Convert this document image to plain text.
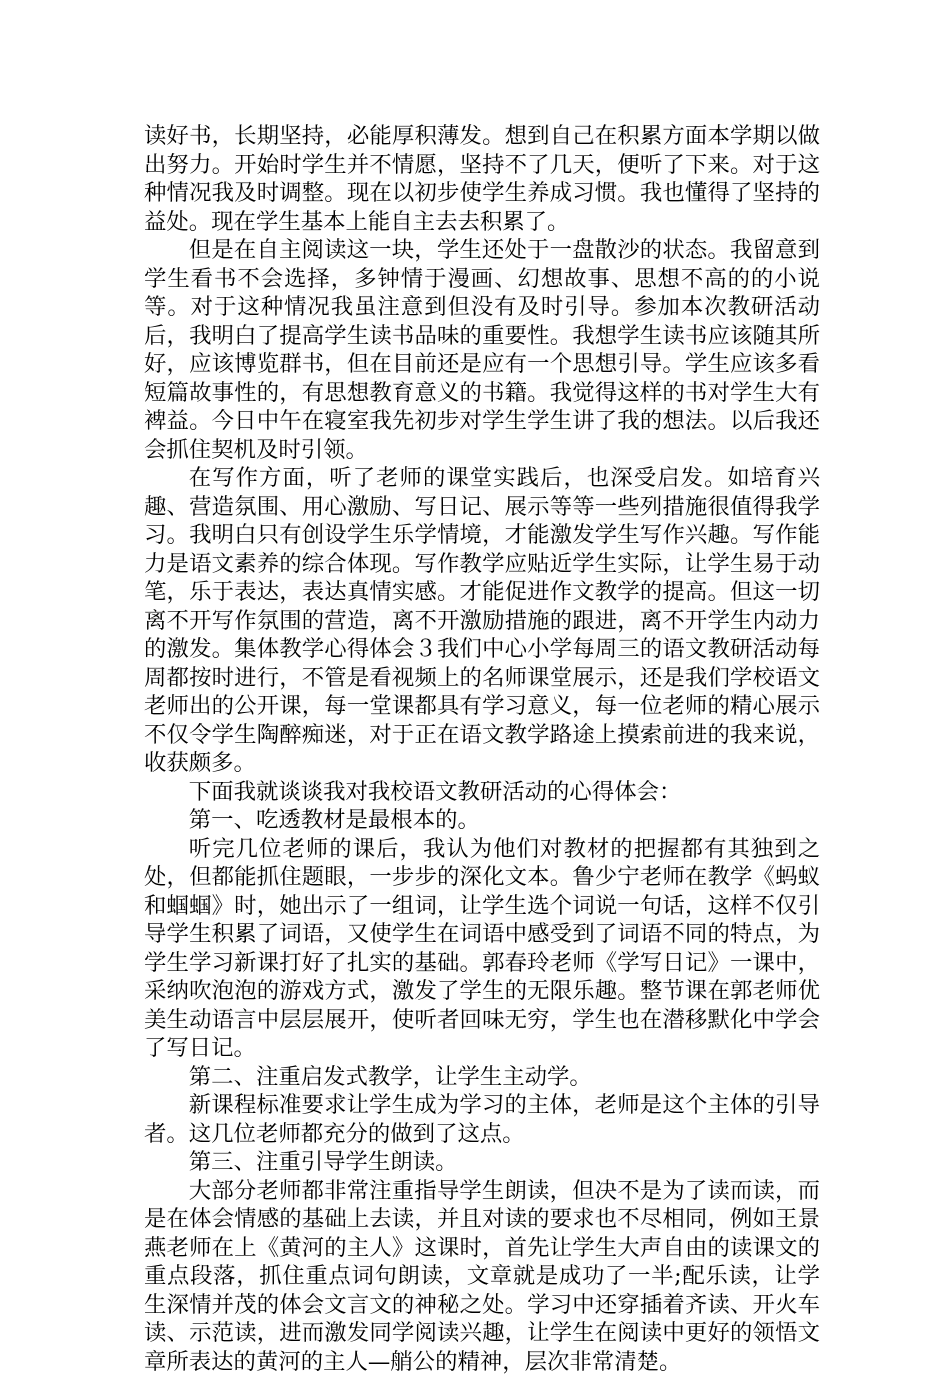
读好书，长期坚持，必能厚积薄发。想到自己在积累方面本学期以做出努力。开始时学生并不情愿，坚持不了几天，便听了下来。对于这种情况我及时调整。现在以初步使学生养成习惯。我也懂得了坚持的益处。现在学生基本上能自主去去积累了。

但是在自主阅读这一块，学生还处于一盘散沙的状态。我留意到学生看书不会选择，多钟情于漫画、幻想故事、思想不高的的小说等。对于这种情况我虽注意到但没有及时引导。参加本次教研活动后，我明白了提高学生读书品味的重要性。我想学生读书应该随其所好，应该博览群书，但在目前还是应有一个思想引导。学生应该多看短篇故事性的，有思想教育意义的书籍。我觉得这样的书对学生大有裨益。今日中午在寝室我先初步对学生学生讲了我的想法。以后我还会抓住契机及时引领。

在写作方面，听了老师的课堂实践后，也深受启发。如培育兴趣、营造氛围、用心激励、写日记、展示等等一些列措施很值得我学习。我明白只有创设学生乐学情境，才能激发学生写作兴趣。写作能力是语文素养的综合体现。写作教学应贴近学生实际，让学生易于动笔，乐于表达，表达真情实感。才能促进作文教学的提高。但这一切离不开写作氛围的营造，离不开激励措施的跟进，离不开学生内动力的激发。集体教学心得体会３我们中心小学每周三的语文教研活动每周都按时进行，不管是看视频上的名师课堂展示，还是我们学校语文老师出的公开课，每一堂课都具有学习意义，每一位老师的精心展示不仅令学生陶醉痴迷，对于正在语文教学路途上摸索前进的我来说，收获颇多。

下面我就谈谈我对我校语文教研活动的心得体会：

第一、吃透教材是最根本的。

听完几位老师的课后，我认为他们对教材的把握都有其独到之处，但都能抓住题眼，一步步的深化文本。鲁少宁老师在教学《蚂蚁和蝈蝈》时，她出示了一组词，让学生选个词说一句话，这样不仅引导学生积累了词语，又使学生在词语中感受到了词语不同的特点，为学生学习新课打好了扎实的基础。郭春玲老师《学写日记》一课中，采纳吹泡泡的游戏方式，激发了学生的无限乐趣。整节课在郭老师优美生动语言中层层展开，使听者回味无穷，学生也在潜移默化中学会了写日记。

第二、注重启发式教学，让学生主动学。

新课程标准要求让学生成为学习的主体，老师是这个主体的引导者。这几位老师都充分的做到了这点。

第三、注重引导学生朗读。

大部分老师都非常注重指导学生朗读，但决不是为了读而读，而是在体会情感的基础上去读，并且对读的要求也不尽相同，例如王景燕老师在上《黄河的主人》这课时，首先让学生大声自由的读课文的重点段落，抓住重点词句朗读，文章就是成功了一半;配乐读，让学生深情并茂的体会文言文的神秘之处。学习中还穿插着齐读、开火车读、示范读，进而激发同学阅读兴趣，让学生在阅读中更好的领悟文章所表达的黄河的主人—艄公的精神，层次非常清楚。
